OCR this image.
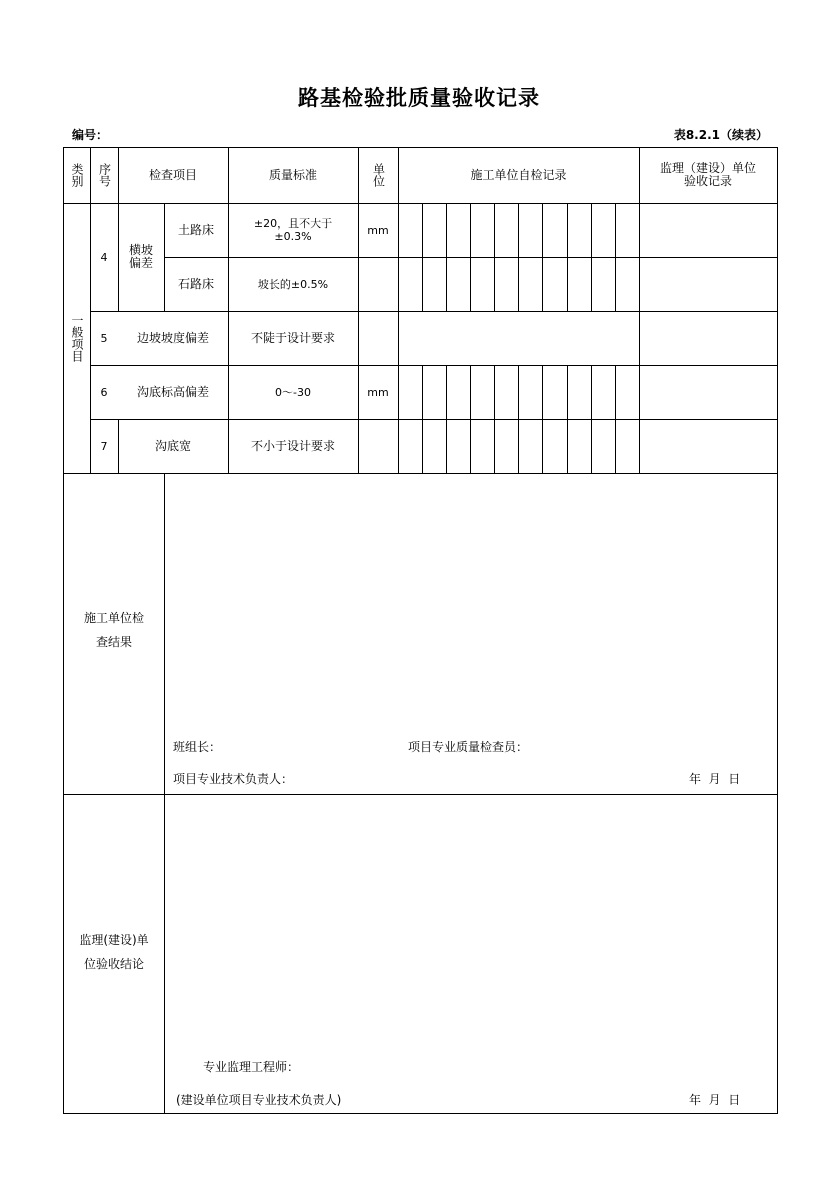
路基检验批质量验收记录
编号：	表8.2.1（续表）
类别	序号	检查项目	质量标准	单位	施工单位自检记录	监理（建设）单位验收记录
一般项目
4	横坡偏差
土路床	±20，且不大于±0.3%	mm
石路床	坡长的±0.5%
5	边坡坡度偏差	不陡于设计要求
6	沟底标高偏差	0～-30	mm
7	沟底宽	不小于设计要求
施工单位检查结果
班组长：	项目专业质量检查员：
项目专业技术负责人：	年  月  日
监理(建设)单位验收结论
专业监理工程师：
(建设单位项目专业技术负责人)	年  月  日
